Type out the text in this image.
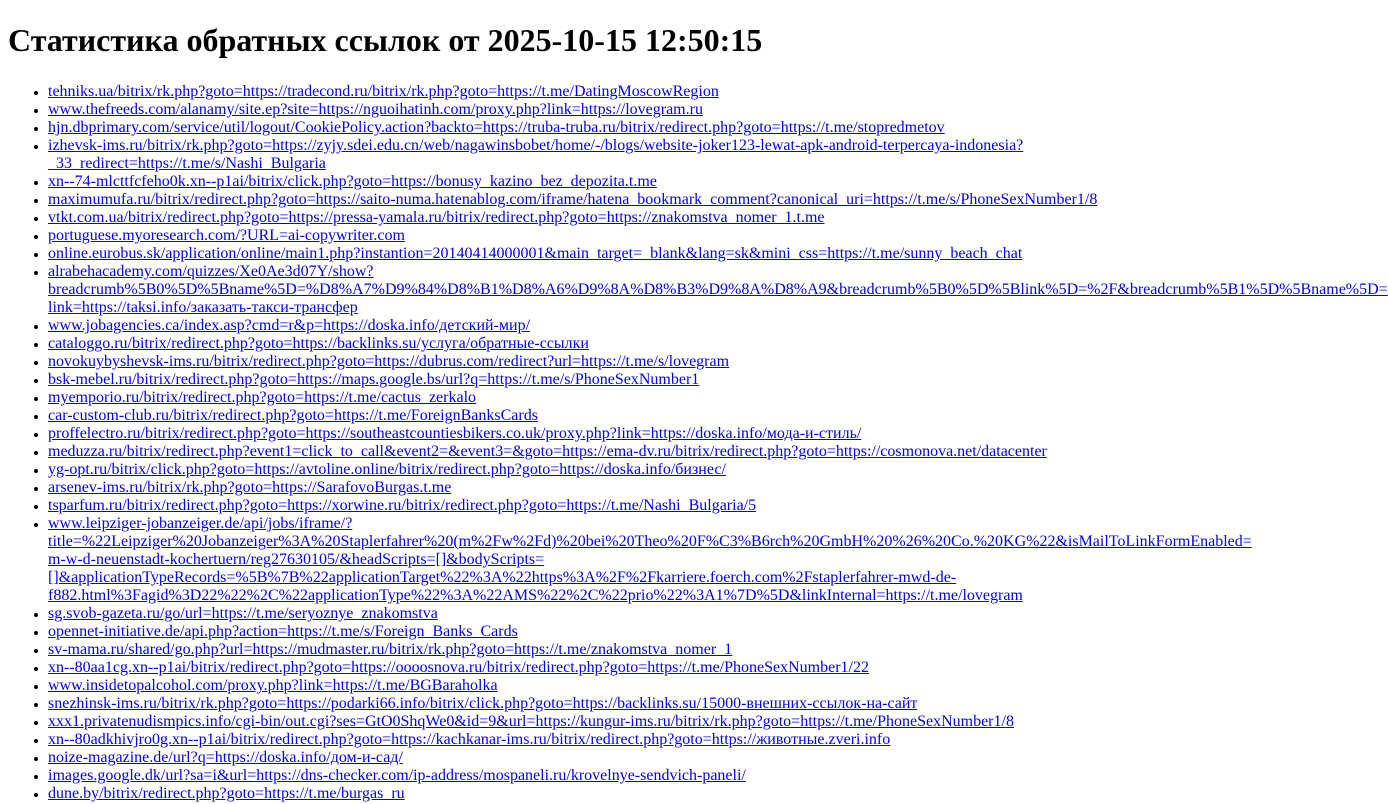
Статистика обратных ссылок от 2025-10-15 12:50:15
• tehniks.ua/bitrix/rk.php?goto=https://tradecond.ru/bitrix/rk.php?goto=https://t.me/DatingMoscowRegion
• www.thefreeds.com/alanamy/site.ep?site=https://nguoihatinh.com/proxy.php?link=https://lovegram.ru
• hjn.dbprimary.com/service/util/logout/CookiePolicy.action?backto=https://truba-truba.ru/bitrix/redirect.php?goto=https://t.me/stopredmetov
• izhevsk-ims.ru/bitrix/rk.php?goto=https://zyjy.sdei.edu.cn/web/nagawinsbobet/home/-/blogs/website-joker123-lewat-apk-android-terpercaya-indonesia?
_33_redirect=https://t.me/s/Nashi_Bulgaria
• xn--74-mlcttfcfeho0k.xn--p1ai/bitrix/click.php?goto=https://bonusy_kazino_bez_depozita.t.me
• maximumufa.ru/bitrix/redirect.php?goto=https://saito-numa.hatenablog.com/iframe/hatena_bookmark_comment?canonical_uri=https://t.me/s/PhoneSexNumber1/8
• vtkt.com.ua/bitrix/redirect.php?goto=https://pressa-yamala.ru/bitrix/redirect.php?goto=https://znakomstva_nomer_1.t.me
• portuguese.myoresearch.com/?URL=ai-copywriter.com
• online.eurobus.sk/application/online/main1.php?instantion=20140414000001&main_target=_blank&lang=sk&mini_css=https://t.me/sunny_beach_chat
• alrabehacademy.com/quizzes/Xe0Ae3d07Y/show?
breadcrumb%5B0%5D%5Bname%5D=%D8%A7%D9%84%D8%B1%D8%A6%D9%8A%D8%B3%D9%8A%D8%A9&breadcrumb%5B0%5D%5Blink%5D=%2F&breadcrumb%5B1%5D%5Bname%5D=
link=https://taksi.info/заказать-такси-трансфер
• www.jobagencies.ca/index.asp?cmd=r&p=https://doska.info/детский-мир/
• cataloggo.ru/bitrix/redirect.php?goto=https://backlinks.su/услуга/обратные-ссылки
• novokuybyshevsk-ims.ru/bitrix/redirect.php?goto=https://dubrus.com/redirect?url=https://t.me/s/lovegram
• bsk-mebel.ru/bitrix/redirect.php?goto=https://maps.google.bs/url?q=https://t.me/s/PhoneSexNumber1
• myemporio.ru/bitrix/redirect.php?goto=https://t.me/cactus_zerkalo
• car-custom-club.ru/bitrix/redirect.php?goto=https://t.me/ForeignBanksCards
• proffelectro.ru/bitrix/redirect.php?goto=https://southeastcountiesbikers.co.uk/proxy.php?link=https://doska.info/мода-и-стиль/
• meduzza.ru/bitrix/redirect.php?event1=click_to_call&event2=&event3=&goto=https://ema-dv.ru/bitrix/redirect.php?goto=https://cosmonova.net/datacenter
• yg-opt.ru/bitrix/click.php?goto=https://avtoline.online/bitrix/redirect.php?goto=https://doska.info/бизнес/
• arsenev-ims.ru/bitrix/rk.php?goto=https://SarafovoBurgas.t.me
• tsparfum.ru/bitrix/redirect.php?goto=https://xorwine.ru/bitrix/redirect.php?goto=https://t.me/Nashi_Bulgaria/5
• www.leipziger-jobanzeiger.de/api/jobs/iframe/?
title=%22Leipziger%20Jobanzeiger%3A%20Staplerfahrer%20(m%2Fw%2Fd)%20bei%20Theo%20F%C3%B6rch%20GmbH%20%26%20Co.%20KG%22&isMailToLinkFormEnabled=
m-w-d-neuenstadt-kochertuern/reg27630105/&headScripts=[]&bodyScripts=
[]&applicationTypeRecords=%5B%7B%22applicationTarget%22%3A%22https%3A%2F%2Fkarriere.foerch.com%2Fstaplerfahrer-mwd-de-
f882.html%3Fagid%3D22%22%2C%22applicationType%22%3A%22AMS%22%2C%22prio%22%3A1%7D%5D&linkInternal=https://t.me/lovegram
• sg.svob-gazeta.ru/go/url=https://t.me/seryoznye_znakomstva
• opennet-initiative.de/api.php?action=https://t.me/s/Foreign_Banks_Cards
• sv-mama.ru/shared/go.php?url=https://mudmaster.ru/bitrix/rk.php?goto=https://t.me/znakomstva_nomer_1
• xn--80aa1cg.xn--p1ai/bitrix/redirect.php?goto=https://oooosnova.ru/bitrix/redirect.php?goto=https://t.me/PhoneSexNumber1/22
• www.insidetopalcohol.com/proxy.php?link=https://t.me/BGBaraholka
• snezhinsk-ims.ru/bitrix/rk.php?goto=https://podarki66.info/bitrix/click.php?goto=https://backlinks.su/15000-внешних-ссылок-на-сайт
• xxx1.privatenudismpics.info/cgi-bin/out.cgi?ses=GtO0ShqWe0&id=9&url=https://kungur-ims.ru/bitrix/rk.php?goto=https://t.me/PhoneSexNumber1/8
• xn--80adkhivjro0g.xn--p1ai/bitrix/redirect.php?goto=https://kachkanar-ims.ru/bitrix/redirect.php?goto=https://животные.zveri.info
• noize-magazine.de/url?q=https://doska.info/дом-и-сад/
• images.google.dk/url?sa=i&url=https://dns-checker.com/ip-address/mospaneli.ru/krovelnye-sendvich-paneli/
• dune.by/bitrix/redirect.php?goto=https://t.me/burgas_ru
